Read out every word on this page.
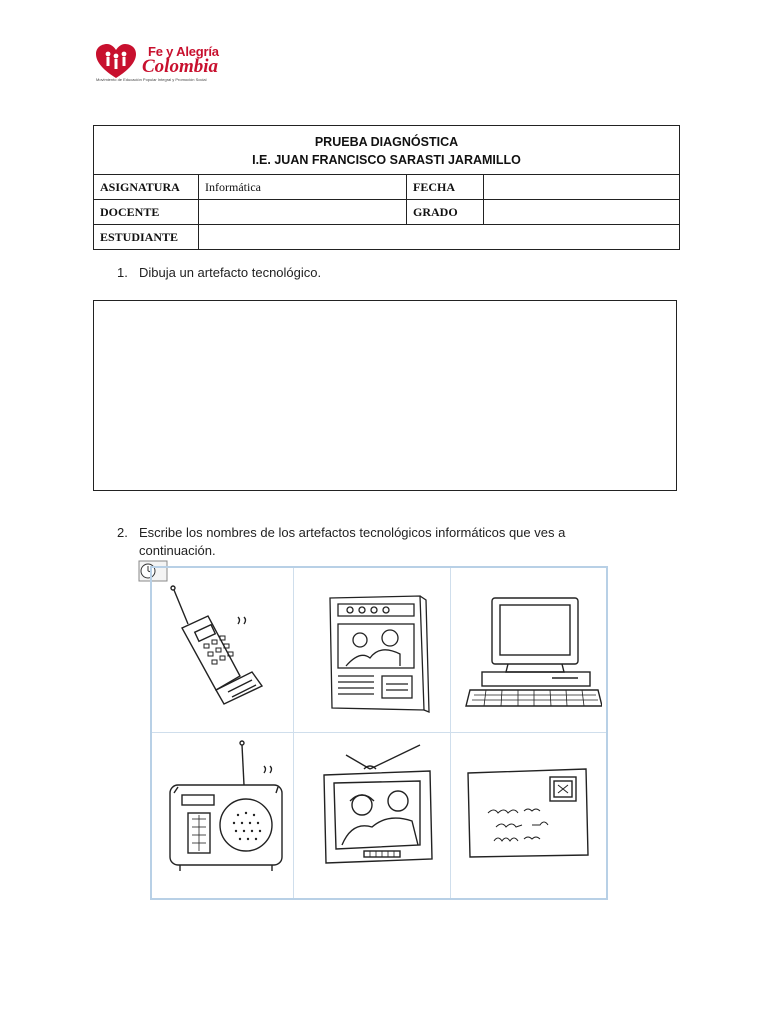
Fe y Alegría
Colombia
Movimiento de Educación Popular Integral y Promoción Social
PRUEBA DIAGNÓSTICA
I.E. JUAN FRANCISCO SARASTI JARAMILLO			

ASIGNATURA	Informática	FECHA	
DOCENTE		GRADO	
ESTUDIANTE			
1. Dibuja un artefacto tecnológico.
2. Escribe los nombres de los artefactos tecnológicos informáticos que ves a
continuación.
